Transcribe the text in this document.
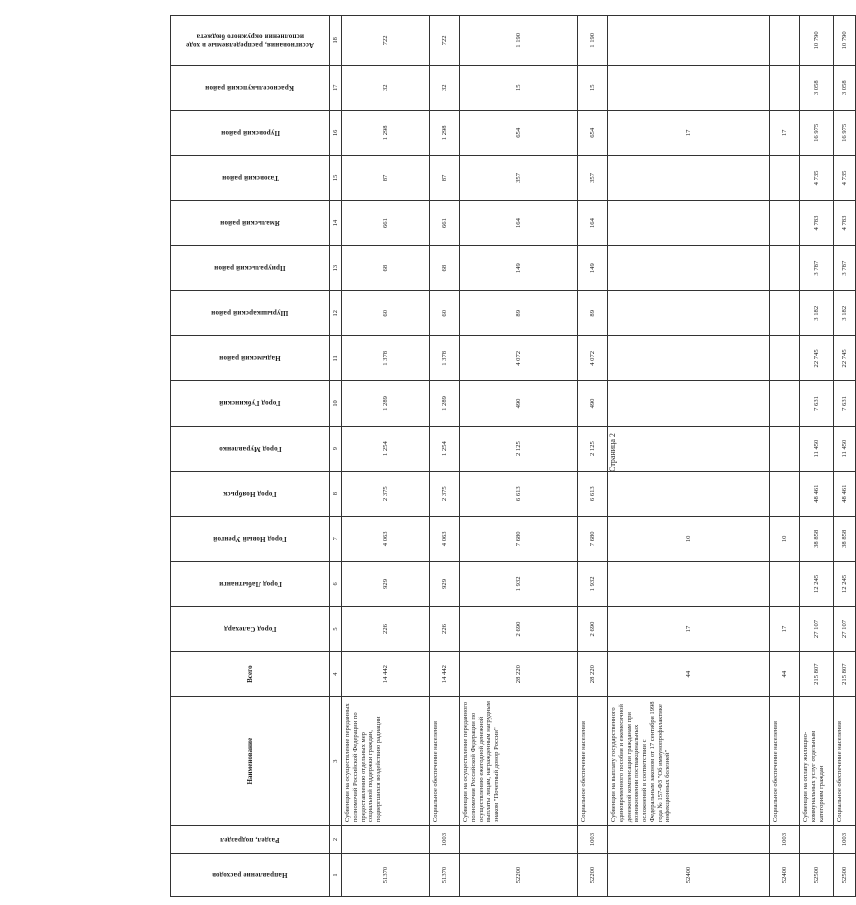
Страница 2
Направление расходов	Раздел, подраздел	Наименование	Всего	Город Салехард	Город Лабытнанги	Город Новый Уренгой	Город Ноябрьск	Город Муравленко	Город Губкинский	Надымский район	Шурышкарский район	Приуральский район	Ямальский район	Тазовский район	Пуровский район	Красноселькупский район	Ассигнования, распределяемые в ходе исполнения окружного бюджета

1	2	3	4	5	6	7	8	9	10	11	12	13	14	15	16	17	18
51370		Субвенции на осуществление переданных полномочий Российской Федерации по предоставлению отдельных мер социальной поддержки граждан, подвергшихся воздействию радиации	14 442	226	929	4 063	2 375	1 254	1 289	1 378	60	68	661	87	1 298	32	722
51370	1003	Социальное обеспечение населения	14 442	226	929	4 063	2 375	1 254	1 289	1 378	60	68	661	87	1 298	32	722
52200		Субвенции на осуществление переданного полномочия Российской Федерации по осуществлению ежегодной денежной выплаты лицам, награжденным нагрудным знаком "Почетный донор России"	28 220	2 690	1 932	7 680	6 613	2 125	490	4 072	89	149	164	357	654	15	1 190
52200	1003	Социальное обеспечение населения	28 220	2 690	1 932	7 680	6 613	2 125	490	4 072	89	149	164	357	654	15	1 190
52400		Субвенции на выплату государственного единовременного пособия и ежемесячной денежной компенсации гражданам при возникновении поствакцинальных осложнений в соответствии с Федеральным законом от 17 сентября 1998 года № 157-ФЗ "Об иммунопрофилактике инфекционных болезней"	44	17		10									17		
52400	1003	Социальное обеспечение населения	44	17		10									17		
52500		Субвенции на оплату жилищно-коммунальных услуг отдельным категориям граждан	215 807	27 107	12 245	38 858	48 461	11 450	7 631	22 745	3 182	3 787	4 783	4 735	16 975	3 058	10 790
52500	1003	Социальное обеспечение населения	215 807	27 107	12 245	38 858	48 461	11 450	7 631	22 745	3 182	3 787	4 783	4 735	16 975	3 058	10 790
